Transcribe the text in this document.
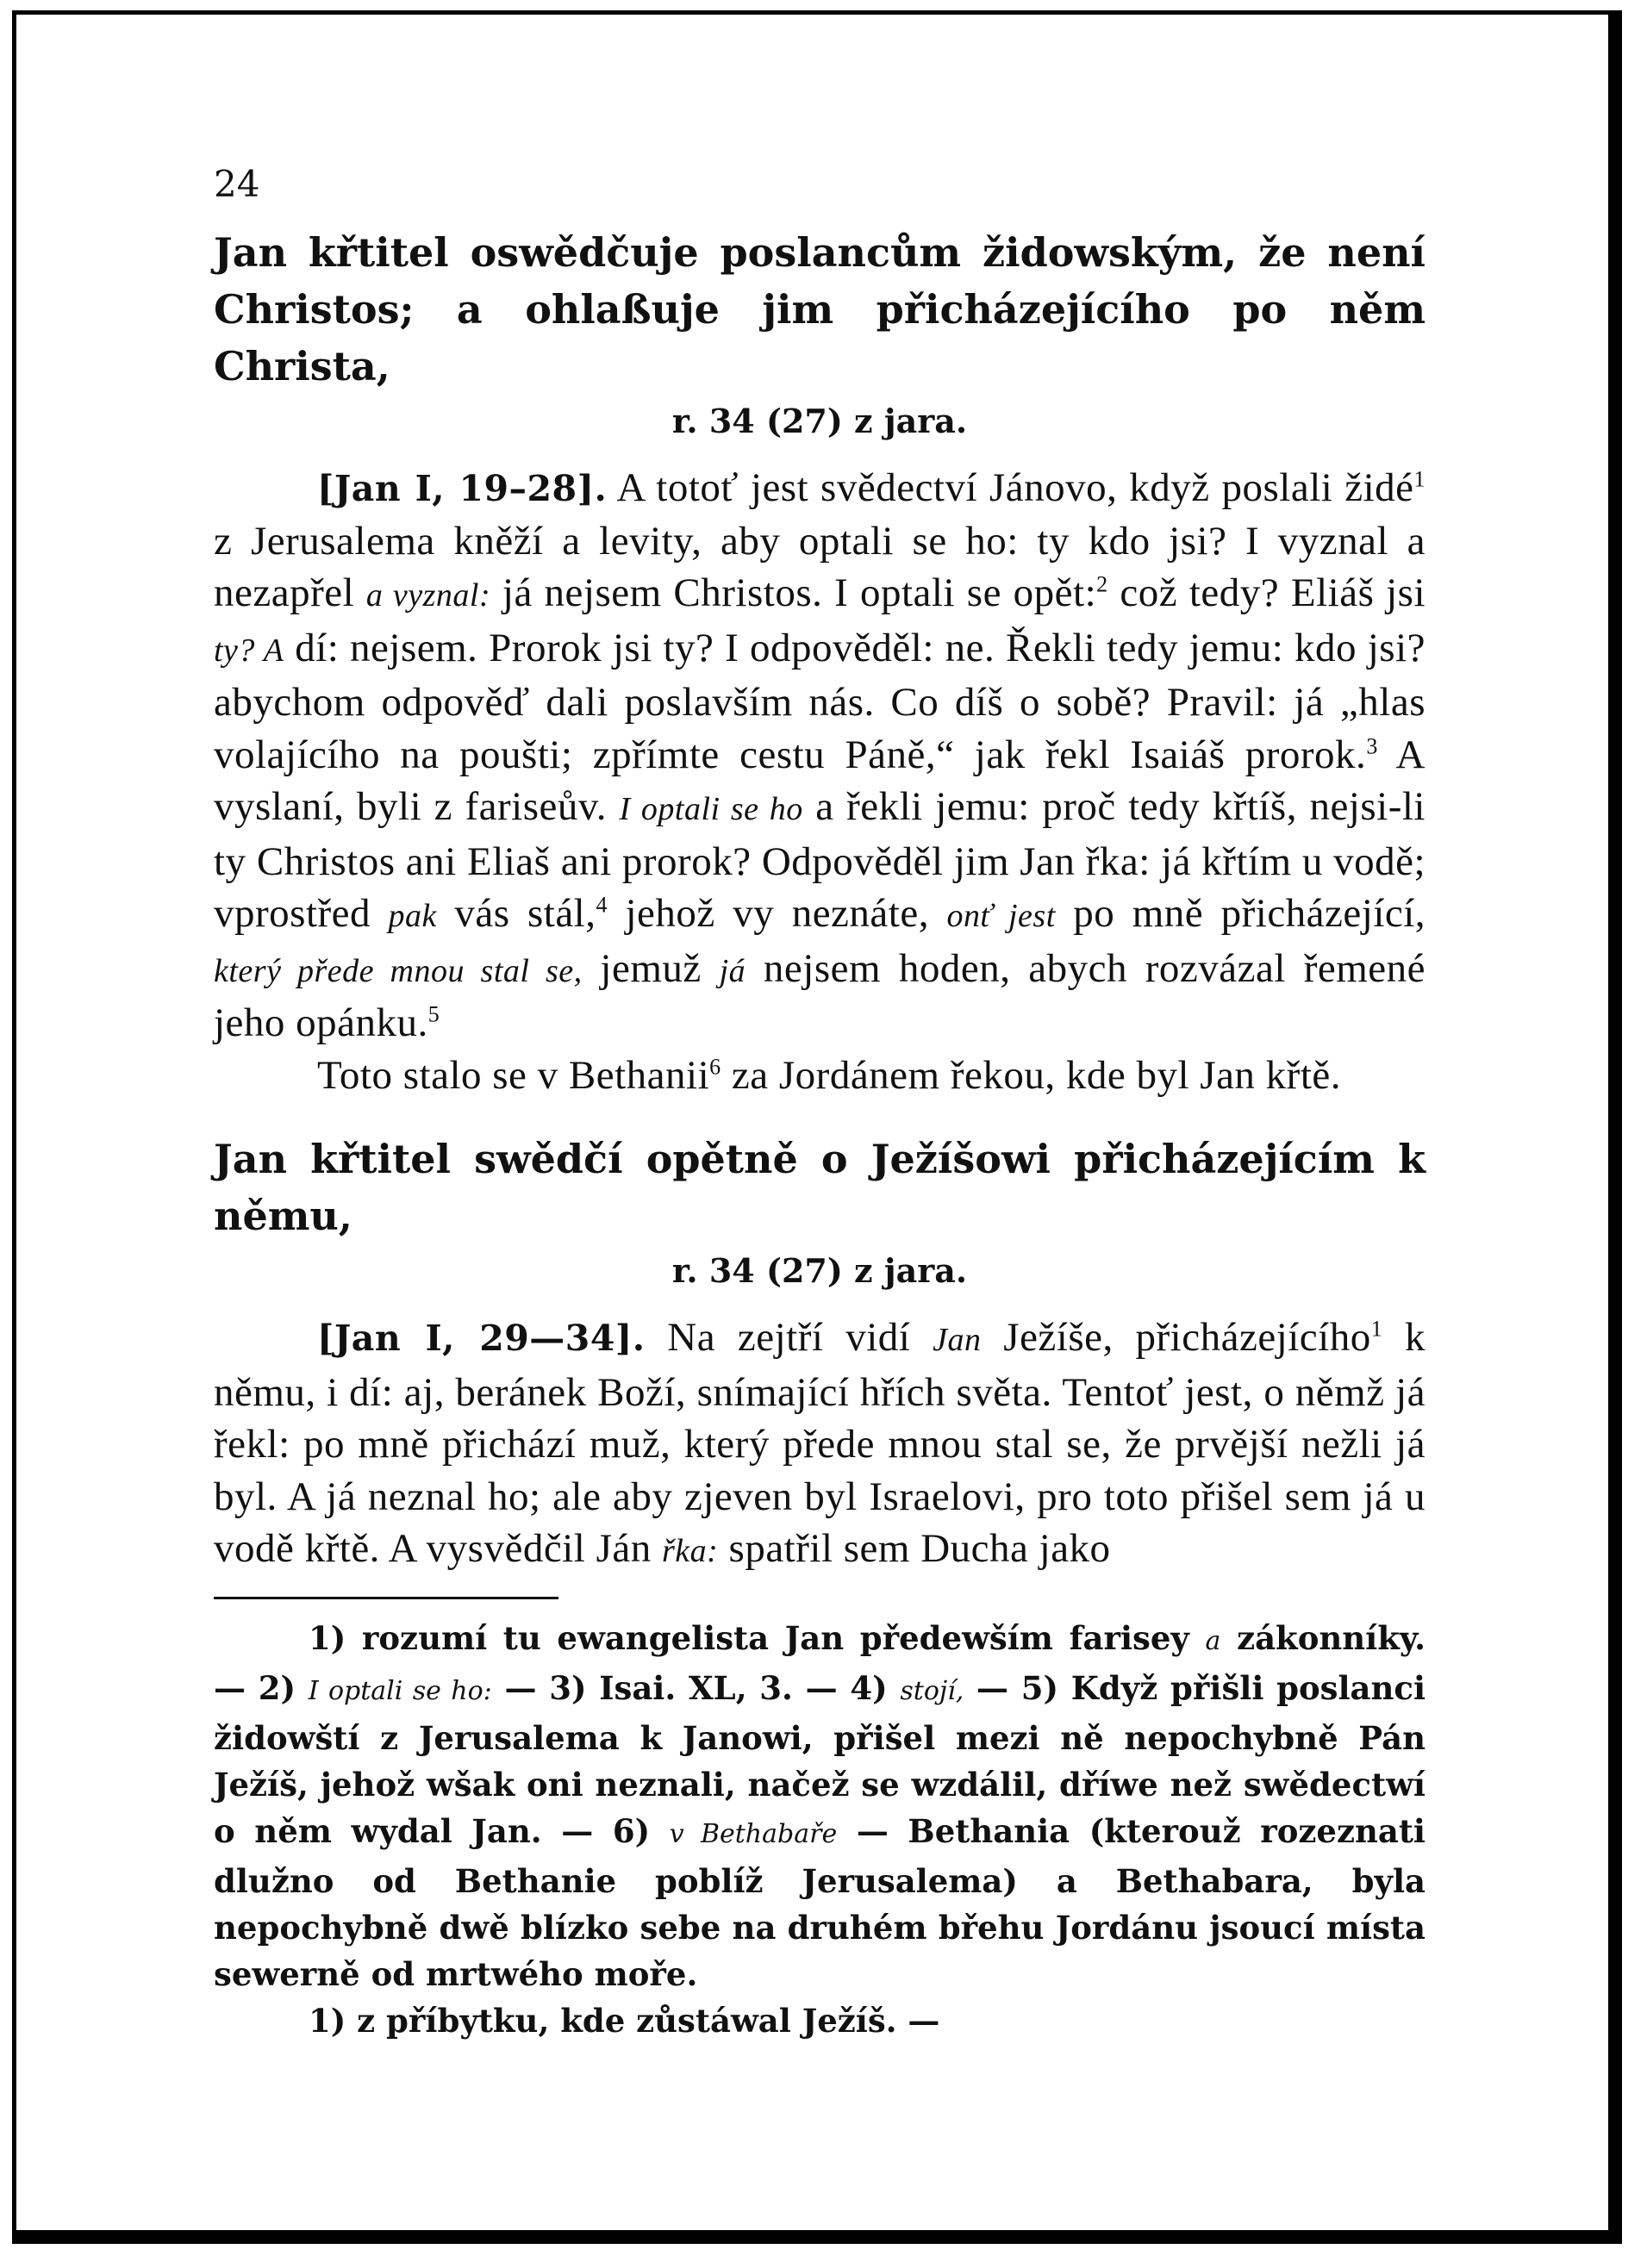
24

Jan křtitel oswědčuje poslancům židowským, že není Christos; a ohlaßuje jim přicházejícího po něm Christa,

r. 34 (27) z jara.

[Jan I, 19–28]. A totoť jest svědectví Jánovo, když poslali židé$^1$ z Jerusalema kněží a levity, aby optali se ho: ty kdo jsi? I vyznal a nezapřel a vyznal: já nejsem Christos. I optali se opět:$^2$ což tedy? Eliáš jsi ty? A dí: nejsem. Prorok jsi ty? I odpověděl: ne. Řekli tedy jemu: kdo jsi? abychom odpověď dali poslavším nás. Co díš o sobě? Pravil: já „hlas volajícího na poušti; zpřímte cestu Páně,“ jak řekl Isaiáš prorok.$^3$ A vyslaní, byli z fariseův. I optali se ho a řekli jemu: proč tedy křtíš, nejsi-li ty Christos ani Eliaš ani prorok? Odpověděl jim Jan řka: já křtím u vodě; vprostřed pak vás stál,$^4$ jehož vy neznáte, onť jest po mně přicházející, který přede mnou stal se, jemuž já nejsem hoden, abych rozvázal řemené jeho opánku.$^5$

Toto stalo se v Bethanii$^6$ za Jordánem řekou, kde byl Jan křtě.

Jan křtitel swědčí opětně o Ježíšowi přicházejícím k němu,

r. 34 (27) z jara.

[Jan I, 29—34]. Na zejtří vidí Jan Ježíše, přicházejícího$^1$ k němu, i dí: aj, beránek Boží, snímající hřích světa. Tentoť jest, o němž já řekl: po mně přichází muž, který přede mnou stal se, že prvější nežli já byl. A já neznal ho; ale aby zjeven byl Israelovi, pro toto přišel sem já u vodě křtě. A vysvědčil Ján řka: spatřil sem Ducha jako

1) rozumí tu ewangelista Jan předewším farisey a zákonníky. — 2) I optali se ho: — 3) Isai. XL, 3. — 4) stojí, — 5) Když přišli poslanci židowští z Jerusalema k Janowi, přišel mezi ně nepochybně Pán Ježíš, jehož wšak oni neznali, načež se wzdálil, dříwe než swědectwí o něm wydal Jan. — 6) v Bethabaře — Bethania (kterouž rozeznati dlužno od Bethanie poblíž Jerusalema) a Bethabara, byla nepochybně dwě blízko sebe na druhém břehu Jordánu jsoucí místa sewerně od mrtwého moře.

1) z příbytku, kde zůstáwal Ježíš. —
